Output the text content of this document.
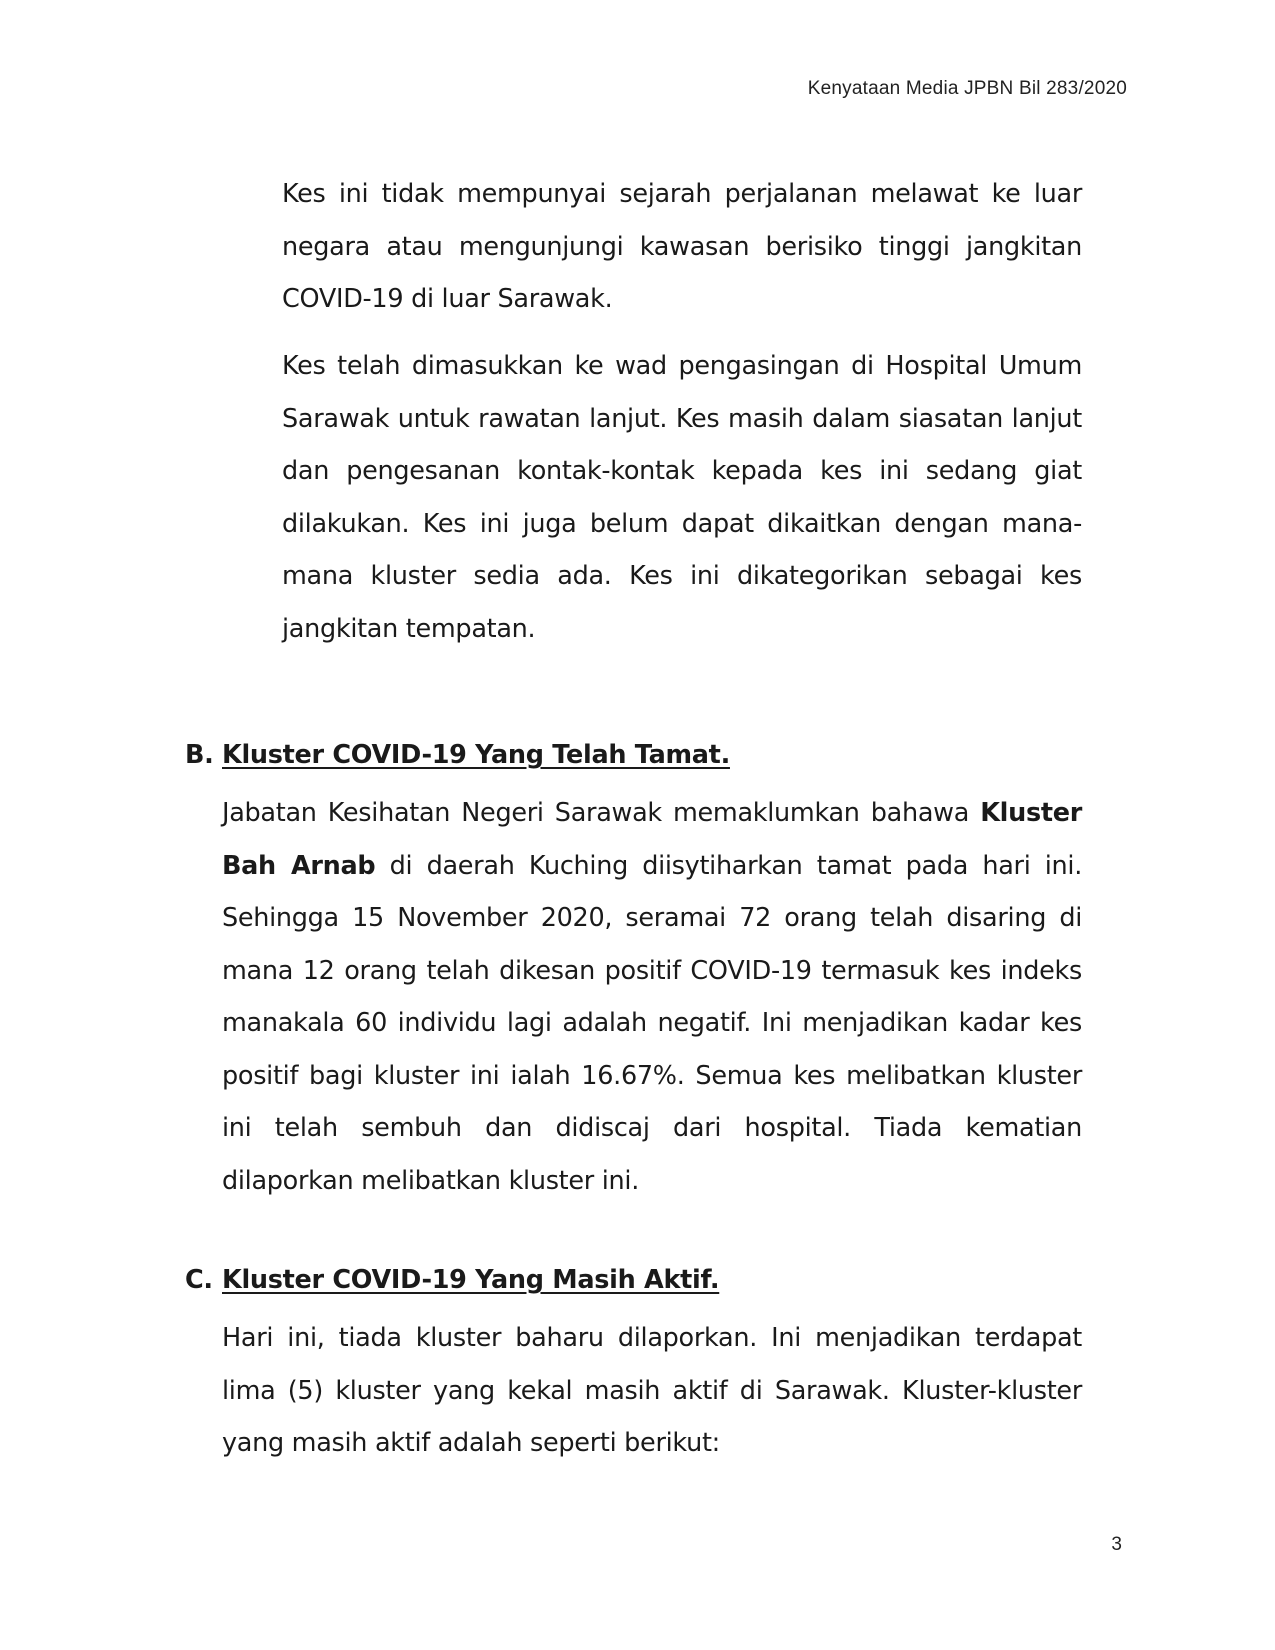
Kenyataan Media JPBN Bil 283/2020

Kes ini tidak mempunyai sejarah perjalanan melawat ke luar negara atau mengunjungi kawasan berisiko tinggi jangkitan COVID-19 di luar Sarawak.

Kes telah dimasukkan ke wad pengasingan di Hospital Umum Sarawak untuk rawatan lanjut. Kes masih dalam siasatan lanjut dan pengesanan kontak-kontak kepada kes ini sedang giat dilakukan. Kes ini juga belum dapat dikaitkan dengan mana-mana kluster sedia ada. Kes ini dikategorikan sebagai kes jangkitan tempatan.

B. Kluster COVID-19 Yang Telah Tamat.

Jabatan Kesihatan Negeri Sarawak memaklumkan bahawa Kluster Bah Arnab di daerah Kuching diisytiharkan tamat pada hari ini. Sehingga 15 November 2020, seramai 72 orang telah disaring di mana 12 orang telah dikesan positif COVID-19 termasuk kes indeks manakala 60 individu lagi adalah negatif. Ini menjadikan kadar kes positif bagi kluster ini ialah 16.67%. Semua kes melibatkan kluster ini telah sembuh dan didiscaj dari hospital. Tiada kematian dilaporkan melibatkan kluster ini.

C. Kluster COVID-19 Yang Masih Aktif.

Hari ini, tiada kluster baharu dilaporkan. Ini menjadikan terdapat lima (5) kluster yang kekal masih aktif di Sarawak. Kluster-kluster yang masih aktif adalah seperti berikut:

3
